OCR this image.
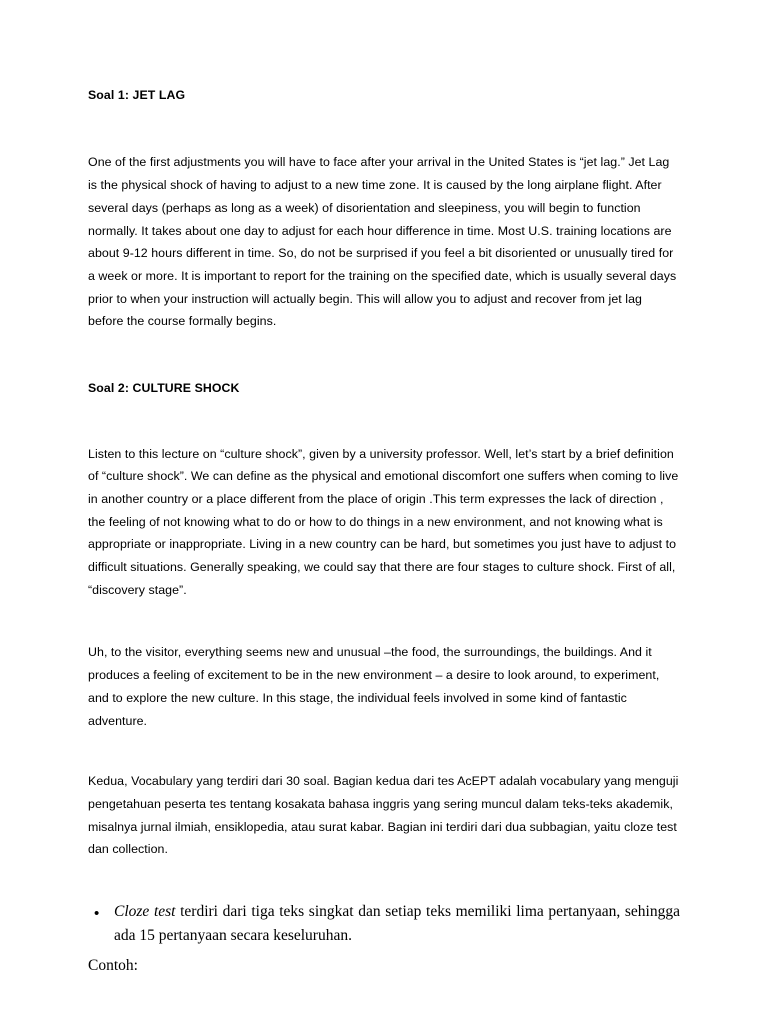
Soal 1: JET LAG

One of the first adjustments you will have to face after your arrival in the United States is “jet lag.” Jet Lag is the physical shock of having to adjust to a new time zone. It is caused by the long airplane flight. After several days (perhaps as long as a week) of disorientation and sleepiness, you will begin to function normally. It takes about one day to adjust for each hour difference in time. Most U.S. training locations are about 9-12 hours different in time. So, do not be surprised if you feel a bit disoriented or unusually tired for a week or more. It is important to report for the training on the specified date, which is usually several days prior to when your instruction will actually begin. This will allow you to adjust and recover from jet lag before the course formally begins.

Soal 2: CULTURE SHOCK

Listen to this lecture on “culture shock”, given by a university professor. Well, let’s start by a brief definition of “culture shock”. We can define as the physical and emotional discomfort one suffers when coming to live in another country or a place different from the place of origin .This term expresses the lack of direction , the feeling of not knowing what to do or how to do things in a new environment, and not knowing what is appropriate or inappropriate. Living in a new country can be hard, but sometimes you just have to adjust to difficult situations. Generally speaking, we could say that there are four stages to culture shock. First of all, “discovery stage”.

Uh, to the visitor, everything seems new and unusual –the food, the surroundings, the buildings. And it produces a feeling of excitement to be in the new environment – a desire to look around, to experiment, and to explore the new culture. In this stage, the individual feels involved in some kind of fantastic adventure.

Kedua, Vocabulary yang terdiri dari 30 soal. Bagian kedua dari tes AcEPT adalah vocabulary yang menguji pengetahuan peserta tes tentang kosakata bahasa inggris yang sering muncul dalam teks-teks akademik, misalnya jurnal ilmiah, ensiklopedia, atau surat kabar. Bagian ini terdiri dari dua subbagian, yaitu cloze test dan collection.

• Cloze test terdiri dari tiga teks singkat dan setiap teks memiliki lima pertanyaan, sehingga ada 15 pertanyaan secara keseluruhan.
Contoh:
